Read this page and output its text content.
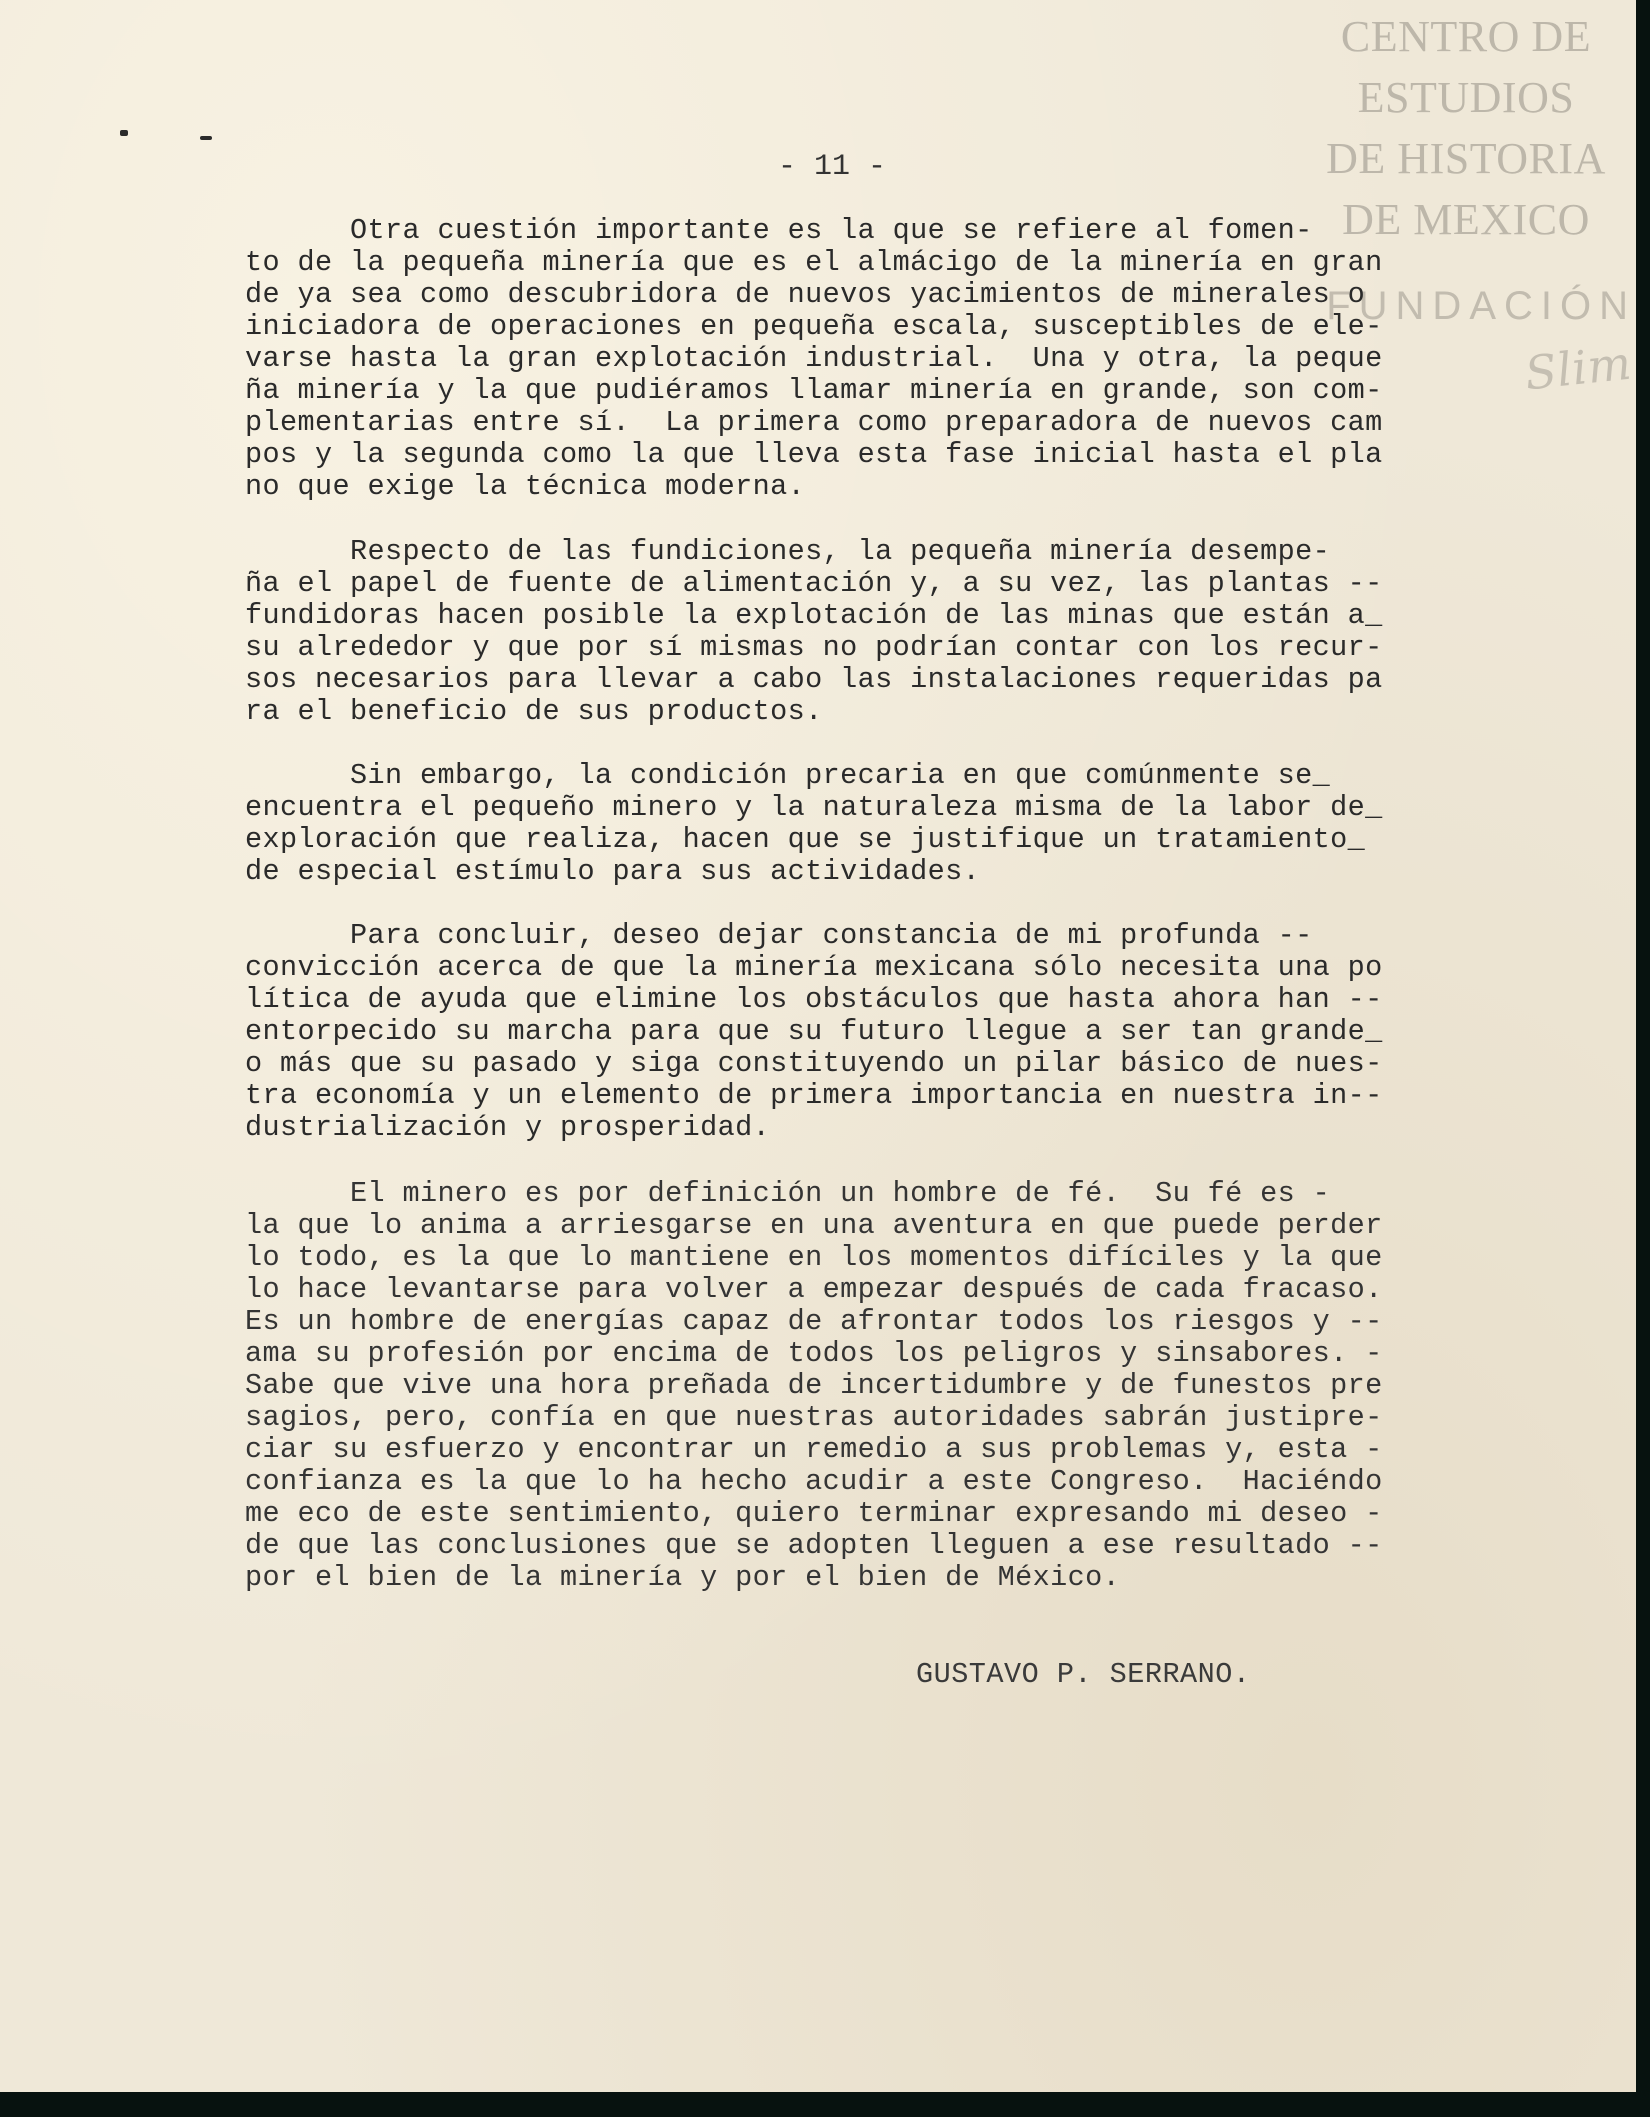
CENTRO DE
ESTUDIOS
DE HISTORIA
DE MEXICO
FUNDACIÓN
Slim
- 11 -
Otra cuestión importante es la que se refiere al fomen-
to de la pequeña minería que es el almácigo de la minería en gran
de ya sea como descubridora de nuevos yacimientos de minerales o
iniciadora de operaciones en pequeña escala, susceptibles de ele-
varse hasta la gran explotación industrial.  Una y otra, la peque
ña minería y la que pudiéramos llamar minería en grande, son com-
plementarias entre sí.  La primera como preparadora de nuevos cam
pos y la segunda como la que lleva esta fase inicial hasta el pla
no que exige la técnica moderna.
Respecto de las fundiciones, la pequeña minería desempe-
ña el papel de fuente de alimentación y, a su vez, las plantas --
fundidoras hacen posible la explotación de las minas que están a_
su alrededor y que por sí mismas no podrían contar con los recur-
sos necesarios para llevar a cabo las instalaciones requeridas pa
ra el beneficio de sus productos.
Sin embargo, la condición precaria en que comúnmente se_
encuentra el pequeño minero y la naturaleza misma de la labor de_
exploración que realiza, hacen que se justifique un tratamiento_
de especial estímulo para sus actividades.
Para concluir, deseo dejar constancia de mi profunda --
convicción acerca de que la minería mexicana sólo necesita una po
lítica de ayuda que elimine los obstáculos que hasta ahora han --
entorpecido su marcha para que su futuro llegue a ser tan grande_
o más que su pasado y siga constituyendo un pilar básico de nues-
tra economía y un elemento de primera importancia en nuestra in--
dustrialización y prosperidad.
El minero es por definición un hombre de fé.  Su fé es -
la que lo anima a arriesgarse en una aventura en que puede perder
lo todo, es la que lo mantiene en los momentos difíciles y la que
lo hace levantarse para volver a empezar después de cada fracaso.
Es un hombre de energías capaz de afrontar todos los riesgos y --
ama su profesión por encima de todos los peligros y sinsabores. -
Sabe que vive una hora preñada de incertidumbre y de funestos pre
sagios, pero, confía en que nuestras autoridades sabrán justipre-
ciar su esfuerzo y encontrar un remedio a sus problemas y, esta -
confianza es la que lo ha hecho acudir a este Congreso.  Haciéndo
me eco de este sentimiento, quiero terminar expresando mi deseo -
de que las conclusiones que se adopten lleguen a ese resultado --
por el bien de la minería y por el bien de México.
GUSTAVO P. SERRANO.
